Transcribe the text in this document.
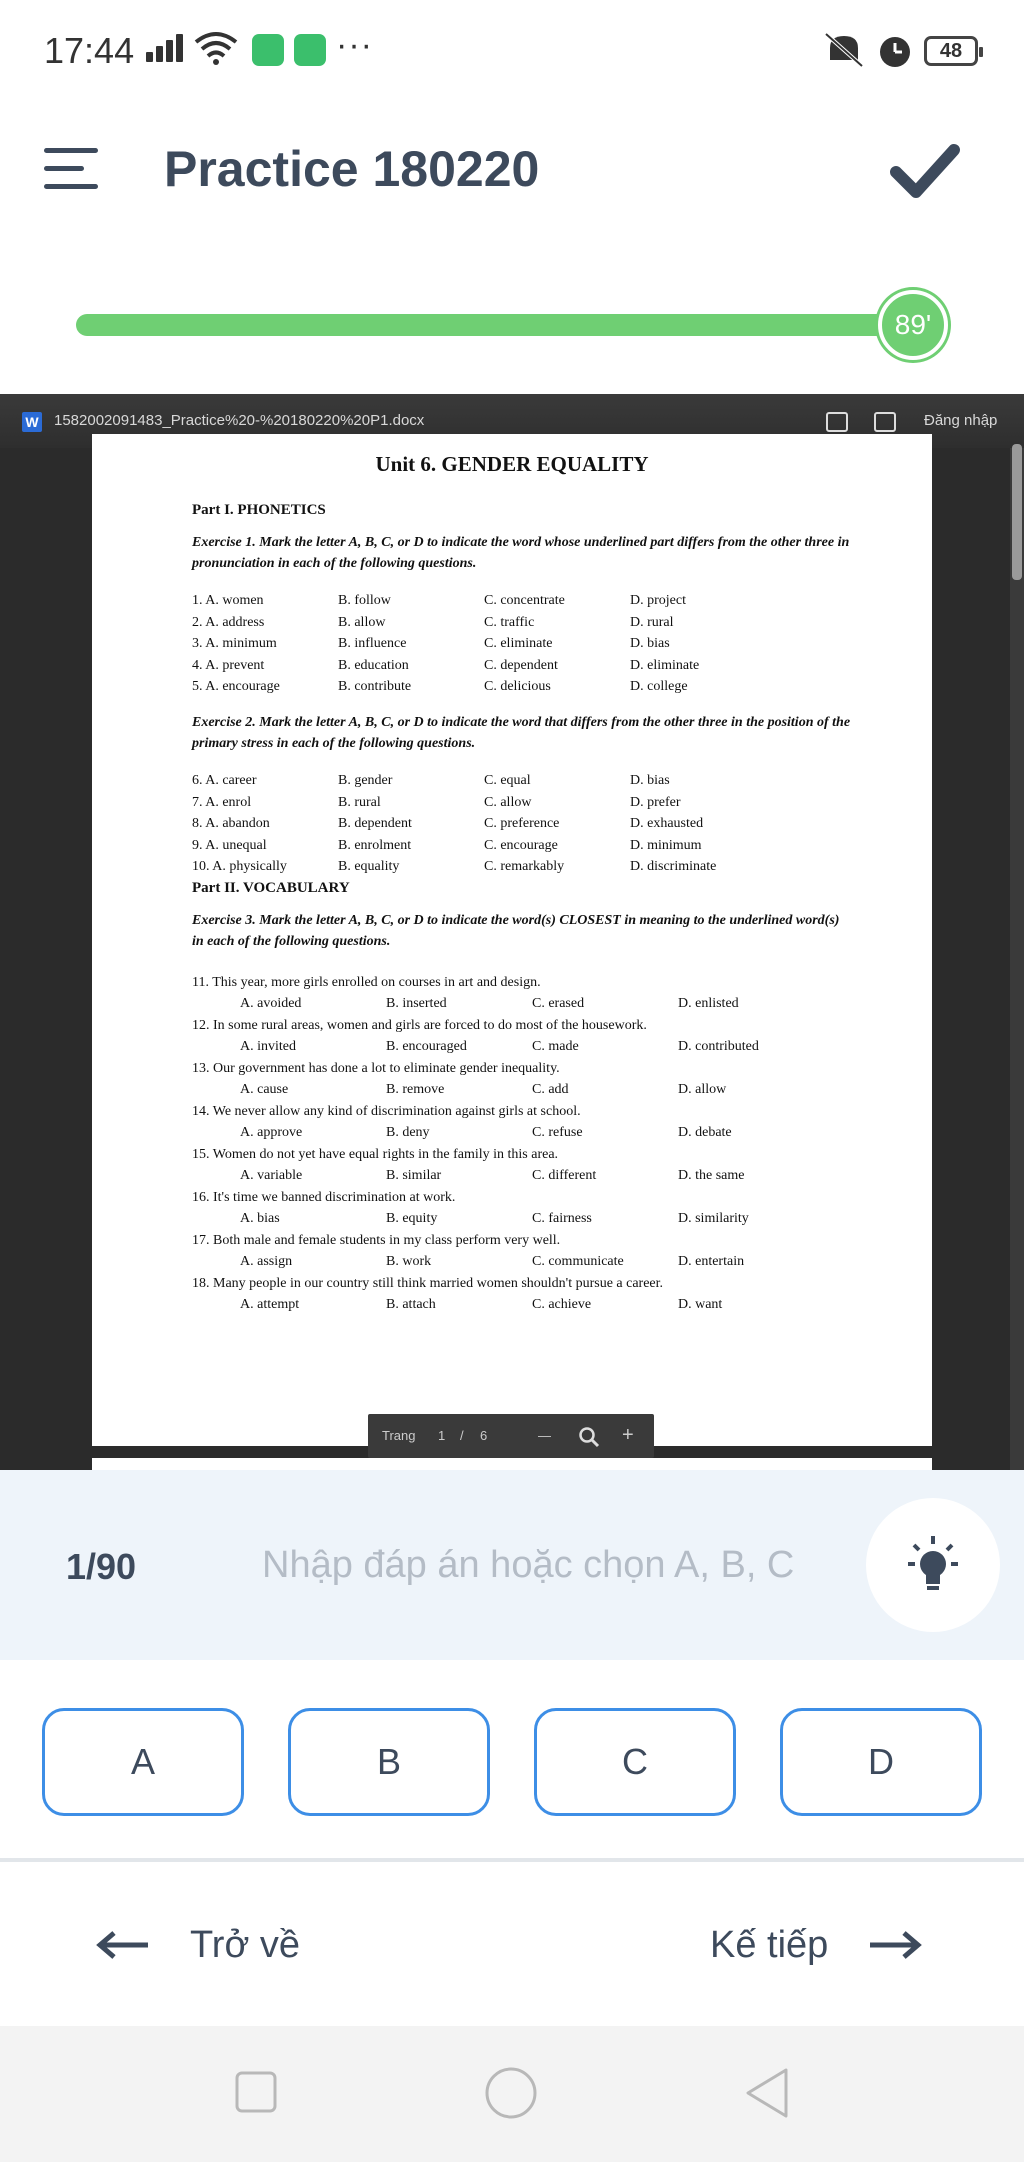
17:44	···	48
Practice 180220
89'
W 1582002091483_Practice%20-%20180220%20P1.docx	Đăng nhập
Unit 6. GENDER EQUALITY
Part I. PHONETICS
Exercise 1. Mark the letter A, B, C, or D to indicate the word whose underlined part differs from the other three in pronunciation in each of the following questions.
1. A. women	B. follow	C. concentrate	D. project
2. A. address	B. allow	C. traffic	D. rural
3. A. minimum	B. influence	C. eliminate	D. bias
4. A. prevent	B. education	C. dependent	D. eliminate
5. A. encourage	B. contribute	C. delicious	D. college
Exercise 2. Mark the letter A, B, C, or D to indicate the word that differs from the other three in the position of the primary stress in each of the following questions.
6. A. career	B. gender	C. equal	D. bias
7. A. enrol	B. rural	C. allow	D. prefer
8. A. abandon	B. dependent	C. preference	D. exhausted
9. A. unequal	B. enrolment	C. encourage	D. minimum
10. A. physically	B. equality	C. remarkably	D. discriminate
Part II. VOCABULARY
Exercise 3. Mark the letter A, B, C, or D to indicate the word(s) CLOSEST in meaning to the underlined word(s) in each of the following questions.
11. This year, more girls enrolled on courses in art and design.
A. avoided	B. inserted	C. erased	D. enlisted
12. In some rural areas, women and girls are forced to do most of the housework.
A. invited	B. encouraged	C. made	D. contributed
13. Our government has done a lot to eliminate gender inequality.
A. cause	B. remove	C. add	D. allow
14. We never allow any kind of discrimination against girls at school.
A. approve	B. deny	C. refuse	D. debate
15. Women do not yet have equal rights in the family in this area.
A. variable	B. similar	C. different	D. the same
16. It's time we banned discrimination at work.
A. bias	B. equity	C. fairness	D. similarity
17. Both male and female students in my class perform very well.
A. assign	B. work	C. communicate	D. entertain
18. Many people in our country still think married women shouldn't pursue a career.
A. attempt	B. attach	C. achieve	D. want
Trang 1 / 6	—	+
1/90
Nhập đáp án hoặc chọn A, B, C
A	B	C	D
Trở về	Kế tiếp
